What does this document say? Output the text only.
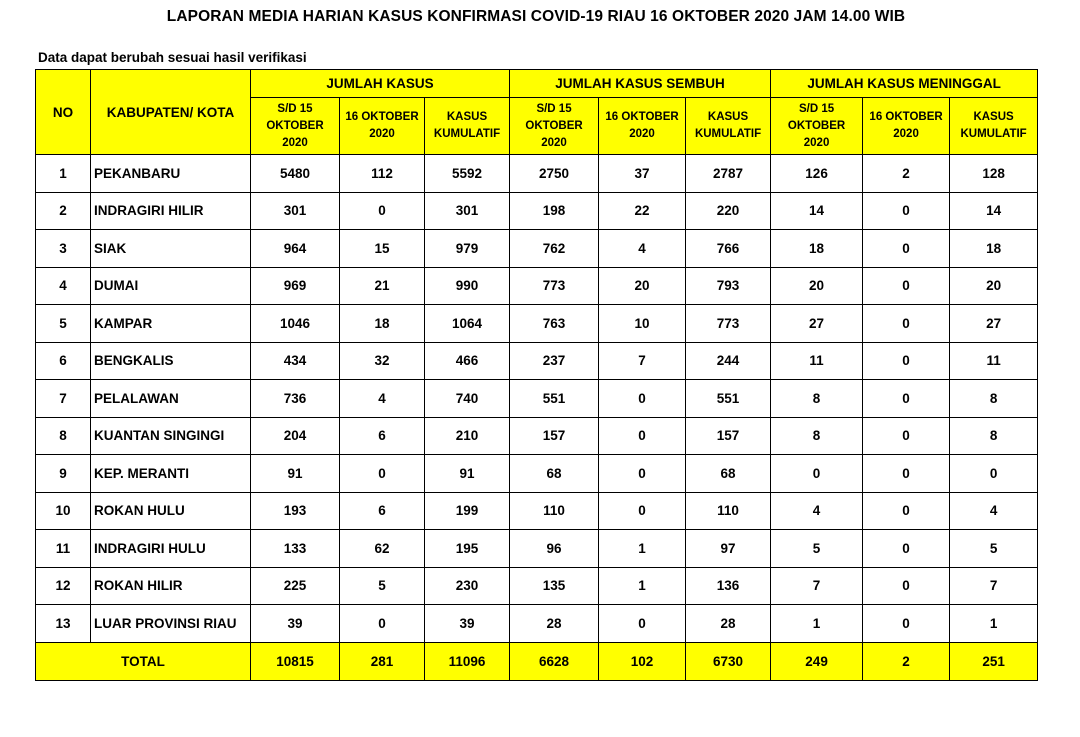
LAPORAN MEDIA HARIAN KASUS KONFIRMASI COVID-19 RIAU 16 OKTOBER 2020 JAM 14.00 WIB
Data dapat berubah sesuai hasil verifikasi
NO	KABUPATEN/ KOTA	JUMLAH KASUS			JUMLAH KASUS SEMBUH			JUMLAH KASUS MENINGGAL		
		S/D 15
OKTOBER
2020	16 OKTOBER
2020	KASUS
KUMULATIF	S/D 15
OKTOBER
2020	16 OKTOBER
2020	KASUS
KUMULATIF	S/D 15
OKTOBER
2020	16 OKTOBER
2020	KASUS
KUMULATIF
1	PEKANBARU	5480	112	5592	2750	37	2787	126	2	128
2	INDRAGIRI HILIR	301	0	301	198	22	220	14	0	14
3	SIAK	964	15	979	762	4	766	18	0	18
4	DUMAI	969	21	990	773	20	793	20	0	20
5	KAMPAR	1046	18	1064	763	10	773	27	0	27
6	BENGKALIS	434	32	466	237	7	244	11	0	11
7	PELALAWAN	736	4	740	551	0	551	8	0	8
8	KUANTAN SINGINGI	204	6	210	157	0	157	8	0	8
9	KEP. MERANTI	91	0	91	68	0	68	0	0	0
10	ROKAN HULU	193	6	199	110	0	110	4	0	4
11	INDRAGIRI HULU	133	62	195	96	1	97	5	0	5
12	ROKAN HILIR	225	5	230	135	1	136	7	0	7
13	LUAR PROVINSI RIAU	39	0	39	28	0	28	1	0	1
TOTAL		10815	281	11096	6628	102	6730	249	2	251
